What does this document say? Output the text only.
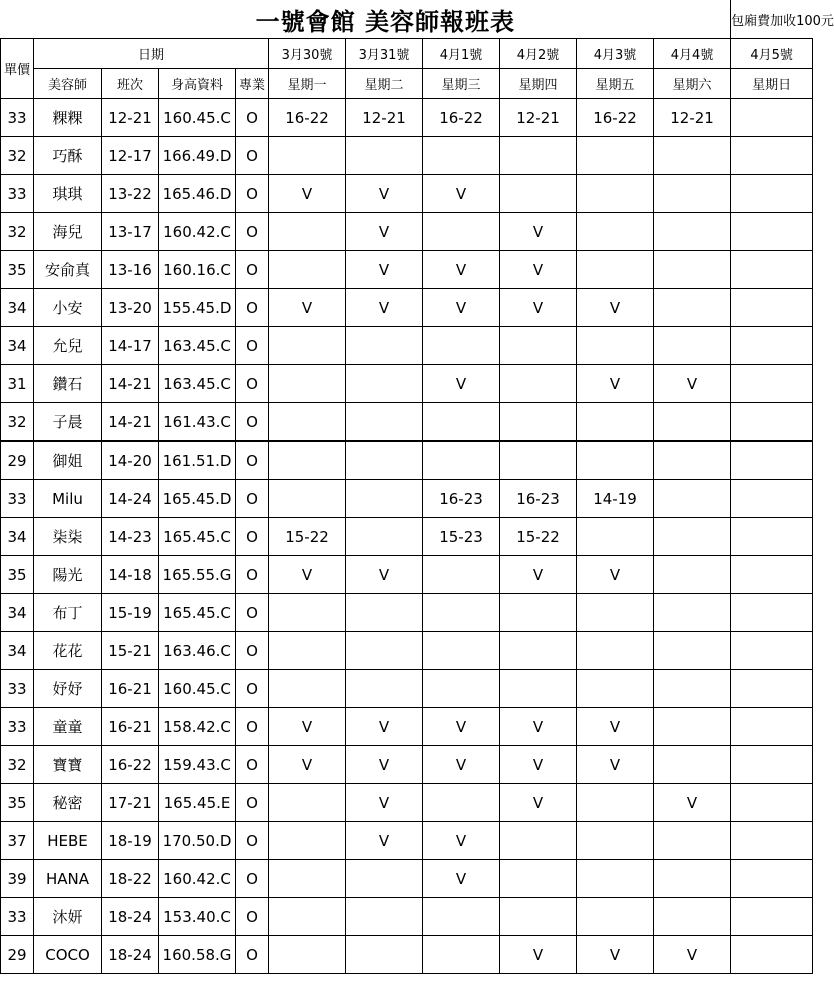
一號會館 美容師報班表											包廂費加收100元
單價	日期				3月30號	3月31號	4月1號	4月2號	4月3號	4月4號	4月5號
	美容師	班次	身高資料	專業	星期一	星期二	星期三	星期四	星期五	星期六	星期日
33	粿粿	12-21	160.45.C	O	16-22	12-21	16-22	12-21	16-22	12-21	
32	巧酥	12-17	166.49.D	O							
33	琪琪	13-22	165.46.D	O	V	V	V				
32	海兒	13-17	160.42.C	O		V		V			
35	安俞真	13-16	160.16.C	O		V	V	V			
34	小安	13-20	155.45.D	O	V	V	V	V	V		
34	允兒	14-17	163.45.C	O							
31	鑽石	14-21	163.45.C	O			V		V	V	
32	子晨	14-21	161.43.C	O							
29	御姐	14-20	161.51.D	O							
33	Milu	14-24	165.45.D	O			16-23	16-23	14-19		
34	柒柒	14-23	165.45.C	O	15-22		15-23	15-22			
35	陽光	14-18	165.55.G	O	V	V		V	V		
34	布丁	15-19	165.45.C	O							
34	花花	15-21	163.46.C	O							
33	妤妤	16-21	160.45.C	O							
33	童童	16-21	158.42.C	O	V	V	V	V	V		
32	寶寶	16-22	159.43.C	O	V	V	V	V	V		
35	秘密	17-21	165.45.E	O		V		V		V	
37	HEBE	18-19	170.50.D	O		V	V				
39	HANA	18-22	160.42.C	O			V				
33	沐妍	18-24	153.40.C	O							
29	COCO	18-24	160.58.G	O				V	V	V	
